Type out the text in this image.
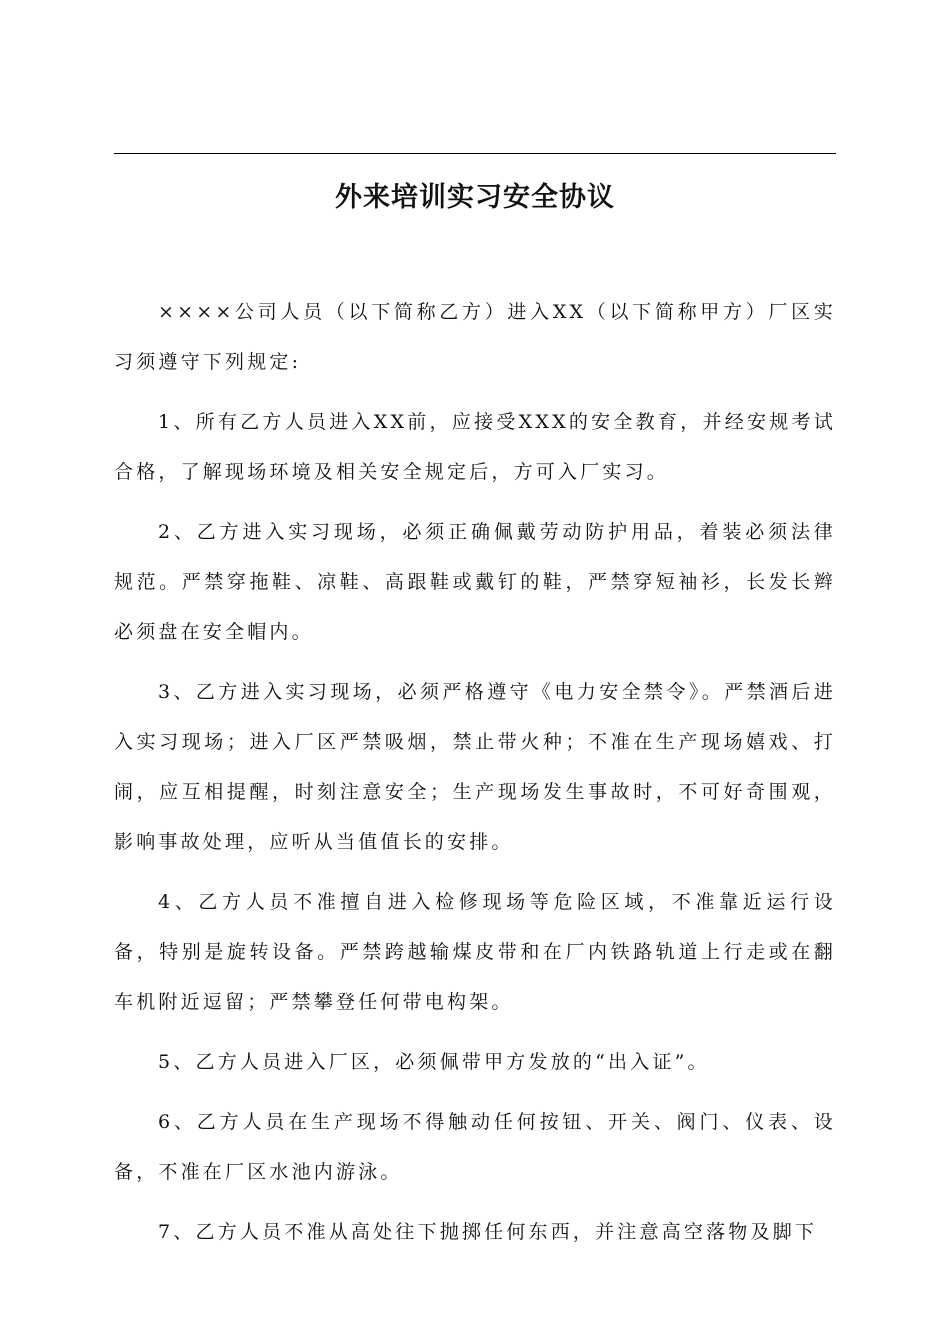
外来培训实习安全协议

××××公司人员（以下简称乙方）进入XX（以下简称甲方）厂区实习须遵守下列规定:

1、所有乙方人员进入XX前，应接受XXX的安全教育，并经安规考试合格，了解现场环境及相关安全规定后，方可入厂实习。

2、乙方进入实习现场，必须正确佩戴劳动防护用品，着装必须法律规范。严禁穿拖鞋、凉鞋、高跟鞋或戴钉的鞋，严禁穿短袖衫，长发长辫必须盘在安全帽内。

3、乙方进入实习现场，必须严格遵守《电力安全禁令》。严禁酒后进入实习现场；进入厂区严禁吸烟，禁止带火种；不准在生产现场嬉戏、打闹，应互相提醒，时刻注意安全；生产现场发生事故时，不可好奇围观，影响事故处理，应听从当值值长的安排。

4、乙方人员不准擅自进入检修现场等危险区域，不准靠近运行设备，特别是旋转设备。严禁跨越输煤皮带和在厂内铁路轨道上行走或在翻车机附近逗留；严禁攀登任何带电构架。

5、乙方人员进入厂区，必须佩带甲方发放的“出入证”。

6、乙方人员在生产现场不得触动任何按钮、开关、阀门、仪表、设备，不准在厂区水池内游泳。

7、乙方人员不准从高处往下抛掷任何东西，并注意高空落物及脚下
